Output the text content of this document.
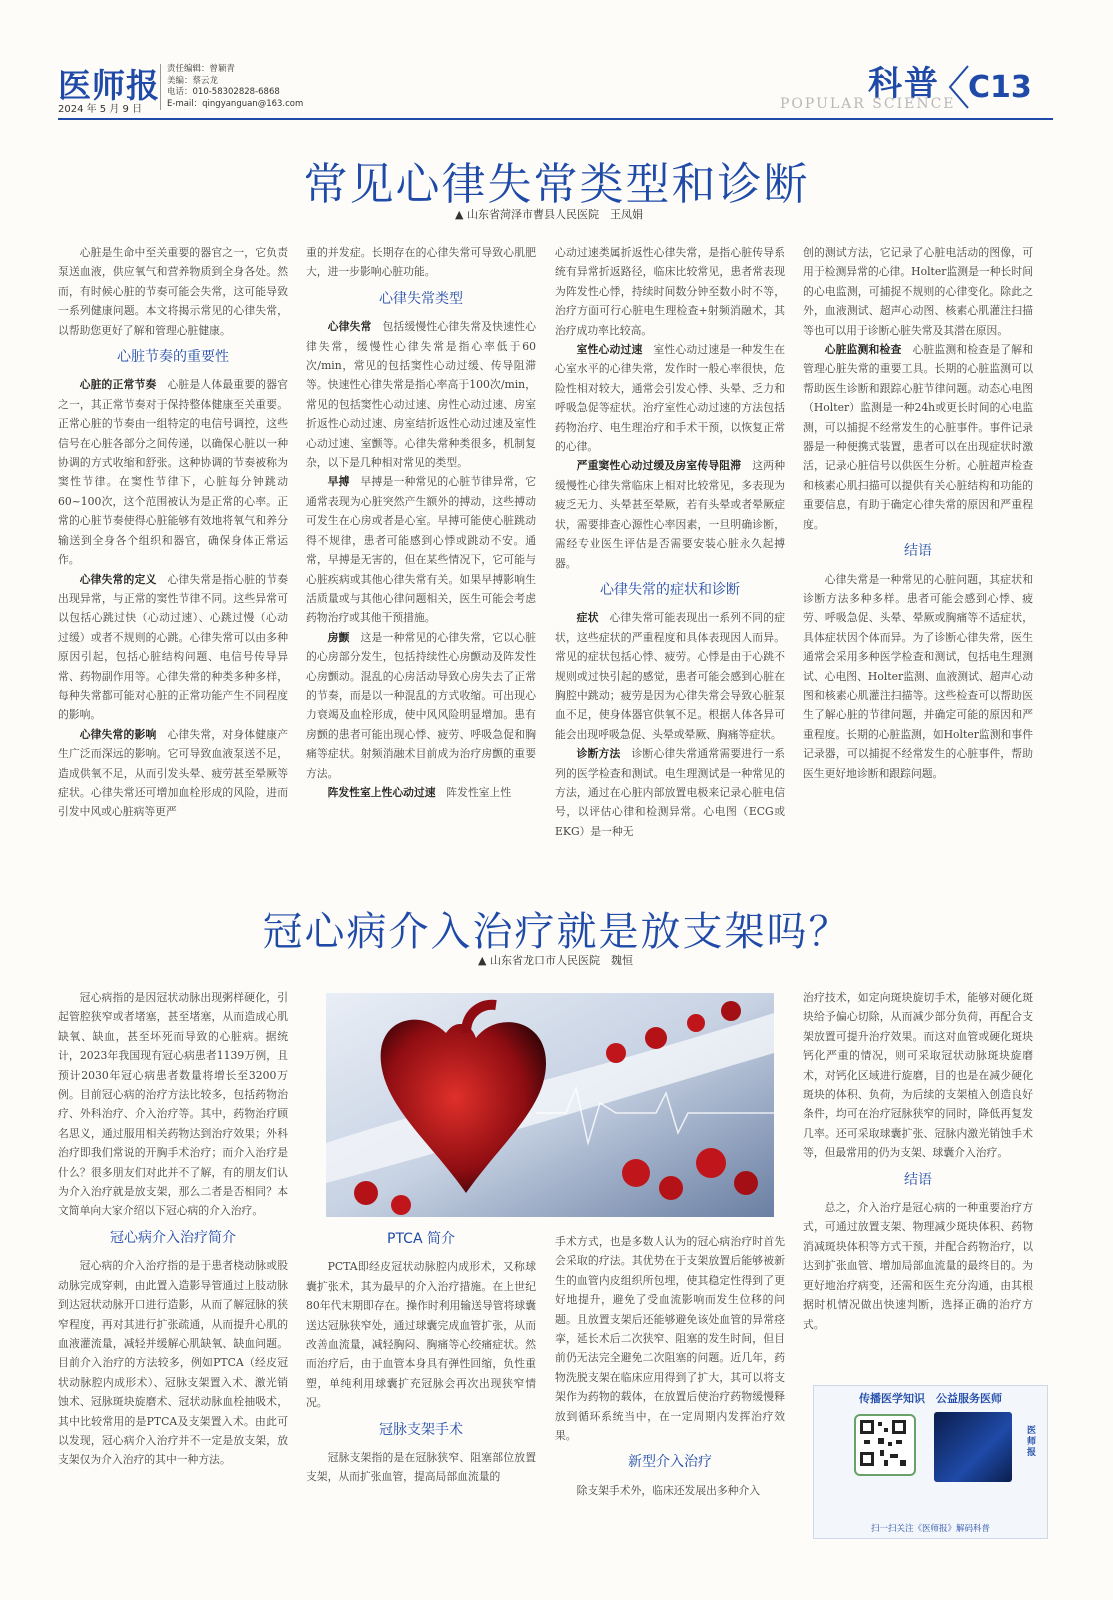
医师报
2024 年 5 月 9 日
责任编辑：曾颖青
美编：蔡云龙
电话：010-58302828-6868
E-mail：qingyanguan@163.com	科普
POPULAR SCIENCE C13
常见心律失常类型和诊断
▲ 山东省菏泽市曹县人民医院　王凤娟

心脏是生命中至关重要的器官之一，它负责泵送血液，供应氧气和营养物质到全身各处。然而，有时候心脏的节奏可能会失常，这可能导致一系列健康问题。本文将揭示常见的心律失常，以帮助您更好了解和管理心脏健康。

心脏节奏的重要性

心脏的正常节奏　 心脏是人体最重要的器官之一，其正常节奏对于保持整体健康至关重要。正常心脏的节奏由一组特定的电信号调控，这些信号在心脏各部分之间传递，以确保心脏以一种协调的方式收缩和舒张。这种协调的节奏被称为窦性节律。在窦性节律下，心脏每分钟跳动60~100次，这个范围被认为是正常的心率。正常的心脏节奏使得心脏能够有效地将氧气和养分输送到全身各个组织和器官，确保身体正常运作。

心律失常的定义　 心律失常是指心脏的节奏出现异常，与正常的窦性节律不同。这些异常可以包括心跳过快（心动过速）、心跳过慢（心动过缓）或者不规则的心跳。心律失常可以由多种原因引起，包括心脏结构问题、电信号传导异常、药物副作用等。心律失常的种类多种多样，每种失常都可能对心脏的正常功能产生不同程度的影响。

心律失常的影响　 心律失常，对身体健康产生广泛而深远的影响。它可导致血液泵送不足，造成供氧不足，从而引发头晕、疲劳甚至晕厥等症状。心律失常还可增加血栓形成的风险，进而引发中风或心脏病等更严

重的并发症。长期存在的心律失常可导致心肌肥大，进一步影响心脏功能。

心律失常类型

心律失常　 包括缓慢性心律失常及快速性心律失常，缓慢性心律失常是指心率低于60次/min，常见的包括窦性心动过缓、传导阻滞等。快速性心律失常是指心率高于100次/min，常见的包括窦性心动过速、房性心动过速、房室折返性心动过速、房室结折返性心动过速及室性心动过速、室颤等。心律失常种类很多，机制复杂，以下是几种相对常见的类型。

早搏　 早搏是一种常见的心脏节律异常，它通常表现为心脏突然产生额外的搏动，这些搏动可发生在心房或者是心室。早搏可能使心脏跳动得不规律，患者可能感到心悸或跳动不安。通常，早搏是无害的，但在某些情况下，它可能与心脏疾病或其他心律失常有关。如果早搏影响生活质量或与其他心律问题相关，医生可能会考虑药物治疗或其他干预措施。

房颤　 这是一种常见的心律失常，它以心脏的心房部分发生，包括持续性心房颤动及阵发性心房颤动。混乱的心房活动导致心房失去了正常的节奏，而是以一种混乱的方式收缩。可出现心力衰竭及血栓形成，使中风风险明显增加。患有房颤的患者可能出现心悸、疲劳、呼吸急促和胸痛等症状。射频消融术目前成为治疗房颤的重要方法。

阵发性室上性心动过速　 阵发性室上性

心动过速类属折返性心律失常，是指心脏传导系统有异常折返路径，临床比较常见，患者常表现为阵发性心悸，持续时间数分钟至数小时不等，治疗方面可行心脏电生理检查+射频消融术，其治疗成功率比较高。

室性心动过速　 室性心动过速是一种发生在心室水平的心律失常，发作时一般心率很快，危险性相对较大，通常会引发心悸、头晕、乏力和呼吸急促等症状。治疗室性心动过速的方法包括药物治疗、电生理治疗和手术干预，以恢复正常的心律。

严重窦性心动过缓及房室传导阻滞　 这两种缓慢性心律失常临床上相对比较常见，多表现为疲乏无力、头晕甚至晕厥，若有头晕或者晕厥症状，需要排查心源性心率因素，一旦明确诊断，需经专业医生评估是否需要安装心脏永久起搏器。

心律失常的症状和诊断

症状　 心律失常可能表现出一系列不同的症状，这些症状的严重程度和具体表现因人而异。常见的症状包括心悸、疲劳。心悸是由于心跳不规则或过快引起的感觉，患者可能会感到心脏在胸腔中跳动；疲劳是因为心律失常会导致心脏泵血不足，使身体器官供氧不足。根据人体各异可能会出现呼吸急促、头晕或晕厥、胸痛等症状。

诊断方法　 诊断心律失常通常需要进行一系列的医学检查和测试。电生理测试是一种常见的方法，通过在心脏内部放置电极来记录心脏电信号，以评估心律和检测异常。心电图（ECG或EKG）是一种无

创的测试方法，它记录了心脏电活动的图像，可用于检测异常的心律。Holter监测是一种长时间的心电监测，可捕捉不规则的心律变化。除此之外，血液测试、超声心动图、核素心肌灌注扫描等也可以用于诊断心脏失常及其潜在原因。

心脏监测和检查　 心脏监测和检查是了解和管理心脏失常的重要工具。长期的心脏监测可以帮助医生诊断和跟踪心脏节律问题。动态心电图（Holter）监测是一种24h或更长时间的心电监测，可以捕捉不经常发生的心脏事件。事件记录器是一种便携式装置，患者可以在出现症状时激活，记录心脏信号以供医生分析。心脏超声检查和核素心肌扫描可以提供有关心脏结构和功能的重要信息，有助于确定心律失常的原因和严重程度。

结语

心律失常是一种常见的心脏问题，其症状和诊断方法多种多样。患者可能会感到心悸、疲劳、呼吸急促、头晕、晕厥或胸痛等不适症状，具体症状因个体而异。为了诊断心律失常，医生通常会采用多种医学检查和测试，包括电生理测试、心电图、Holter监测、血液测试、超声心动图和核素心肌灌注扫描等。这些检查可以帮助医生了解心脏的节律问题，并确定可能的原因和严重程度。长期的心脏监测，如Holter监测和事件记录器，可以捕捉不经常发生的心脏事件，帮助医生更好地诊断和跟踪问题。

冠心病介入治疗就是放支架吗？
▲ 山东省龙口市人民医院　魏恒

冠心病指的是因冠状动脉出现粥样硬化，引起管腔狭窄或者堵塞，甚至堵塞，从而造成心肌缺氧、缺血，甚至坏死而导致的心脏病。据统计，2023年我国现有冠心病患者1139万例，且预计2030年冠心病患者数量将增长至3200万例。目前冠心病的治疗方法比较多，包括药物治疗、外科治疗、介入治疗等。其中，药物治疗顾名思义，通过服用相关药物达到治疗效果；外科治疗即我们常说的开胸手术治疗；而介入治疗是什么？很多朋友们对此并不了解，有的朋友们认为介入治疗就是放支架，那么二者是否相同？本文简单向大家介绍以下冠心病的介入治疗。

冠心病介入治疗简介

冠心病的介入治疗指的是于患者桡动脉或股动脉完成穿刺，由此置入造影导管通过上肢动脉到达冠状动脉开口进行造影，从而了解冠脉的狭窄程度，再对其进行扩张疏通，从而提升心肌的血液灌流量，减轻并缓解心肌缺氧、缺血问题。目前介入治疗的方法较多，例如PTCA（经皮冠状动脉腔内成形术）、冠脉支架置入术、激光销蚀术、冠脉斑块旋磨术、冠状动脉血栓抽吸术，其中比较常用的是PTCA及支架置入术。由此可以发现，冠心病介入治疗并不一定是放支架，放支架仅为介入治疗的其中一种方法。

PTCA 简介

PCTA即经皮冠状动脉腔内成形术，又称球囊扩张术，其为最早的介入治疗措施。在上世纪80年代末期即存在。操作时利用输送导管将球囊送达冠脉狭窄处，通过球囊完成血管扩张，从而改善血流量，减轻胸闷、胸痛等心绞痛症状。然而治疗后，由于血管本身具有弹性回缩，负性重塑，单纯利用球囊扩充冠脉会再次出现狭窄情况。

冠脉支架手术

冠脉支架指的是在冠脉狭窄、阻塞部位放置支架，从而扩张血管，提高局部血流量的

手术方式，也是多数人认为的冠心病治疗时首先会采取的疗法。其优势在于支架放置后能够被新生的血管内皮组织所包埋，使其稳定性得到了更好地提升，避免了受血流影响而发生位移的问题。且放置支架后还能够避免该处血管的异常痉挛，延长术后二次狭窄、阻塞的发生时间，但目前仍无法完全避免二次阻塞的问题。近几年，药物洗脱支架在临床应用得到了扩大，其可以将支架作为药物的载体，在放置后使治疗药物缓慢释放到循环系统当中，在一定周期内发挥治疗效果。

新型介入治疗

除支架手术外，临床还发展出多种介入

治疗技术，如定向斑块旋切手术，能够对硬化斑块给予偏心切除，从而减少部分负荷，再配合支架放置可提升治疗效果。而这对血管或硬化斑块钙化严重的情况，则可采取冠状动脉斑块旋磨术，对钙化区域进行旋磨，目的也是在减少硬化斑块的体积、负荷，为后续的支架植入创造良好条件，均可在治疗冠脉狭窄的同时，降低再复发几率。还可采取球囊扩张、冠脉内激光销蚀手术等，但最常用的仍为支架、球囊介入治疗。

结语

总之，介入治疗是冠心病的一种重要治疗方式，可通过放置支架、物理减少斑块体积、药物消减斑块体积等方式干预，并配合药物治疗，以达到扩张血管、增加局部血流量的最终目的。为更好地治疗病变，还需和医生充分沟通，由其根据时机情况做出快速判断，选择正确的治疗方式。

传播医学知识　公益服务医师
医师报
扫一扫关注《医师报》解码科普
